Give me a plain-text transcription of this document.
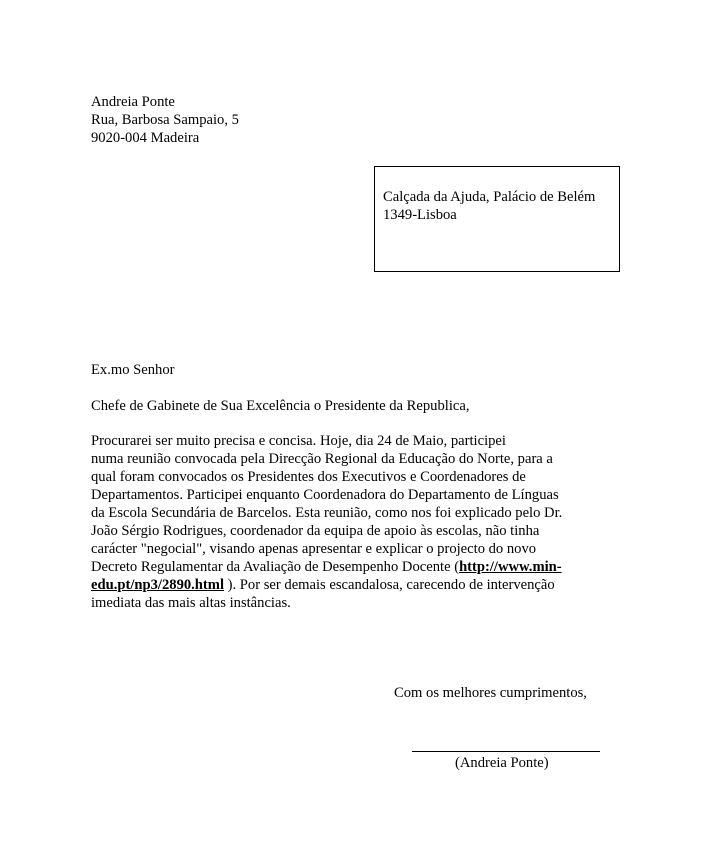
Andreia Ponte
Rua, Barbosa Sampaio, 5
9020-004 Madeira
Calçada da Ajuda, Palácio de Belém
1349-Lisboa
Ex.mo Senhor
Chefe de Gabinete de Sua Excelência o Presidente da Republica,
Procurarei ser muito precisa e concisa. Hoje, dia 24 de Maio, participei
numa reunião convocada pela Direcção Regional da Educação do Norte, para a
qual foram convocados os Presidentes dos Executivos e Coordenadores de
Departamentos. Participei enquanto Coordenadora do Departamento de Línguas
da Escola Secundária de Barcelos. Esta reunião, como nos foi explicado pelo Dr.
João Sérgio Rodrigues, coordenador da equipa de apoio às escolas, não tinha
carácter "negocial", visando apenas apresentar e explicar o projecto do novo
Decreto Regulamentar da Avaliação de Desempenho Docente (http://www.min-
edu.pt/np3/2890.html ). Por ser demais escandalosa, carecendo de intervenção
imediata das mais altas instâncias.
Com os melhores cumprimentos,
(Andreia Ponte)
